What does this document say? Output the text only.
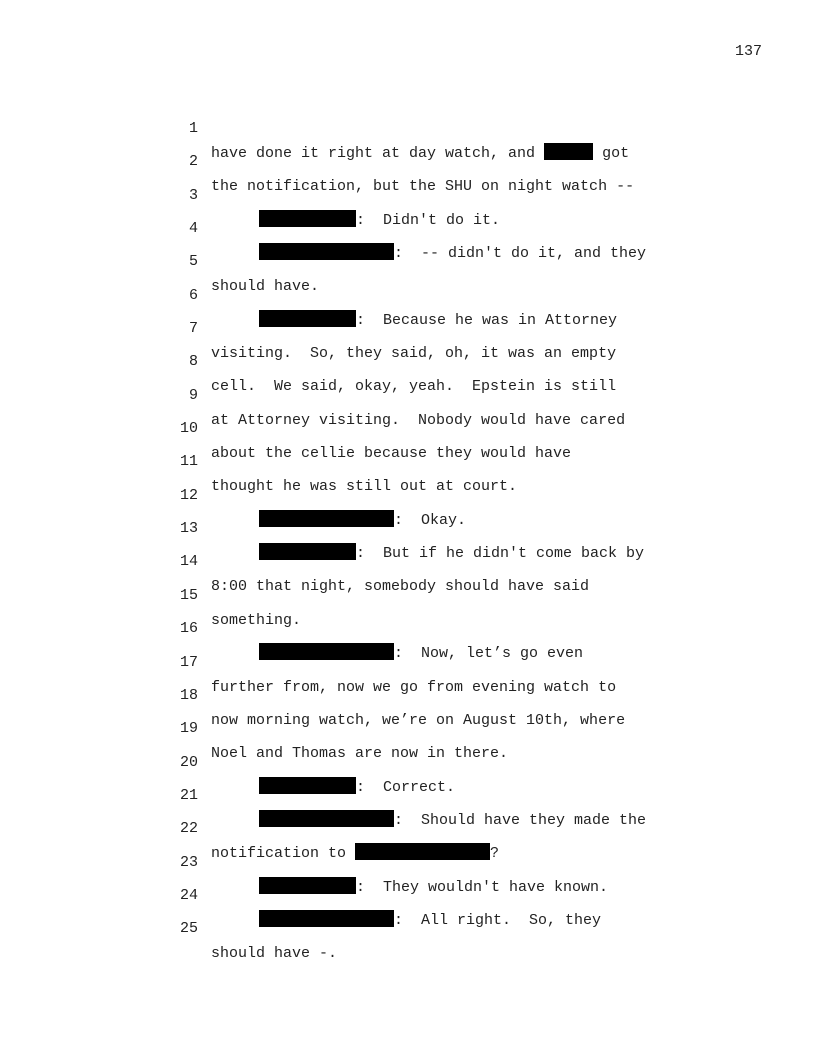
137

1

have done it right at day watch, and	got

2

the notification, but the SHU on night watch --

3

:  Didn't do it.

4

:  -- didn't do it, and they

5

should have.

6

:  Because he was in Attorney

7

visiting.  So, they said, oh, it was an empty

8

cell.  We said, okay, yeah.  Epstein is still

9

at Attorney visiting.  Nobody would have cared

10

about the cellie because they would have

11

thought he was still out at court.

12

:  Okay.

13

:  But if he didn't come back by

14

8:00 that night, somebody should have said

15

something.

16

:  Now, let’s go even

17

further from, now we go from evening watch to

18

now morning watch, we’re on August 10th, where

19

Noel and Thomas are now in there.

20

:  Correct.

21

:  Should have they made the

22

notification to	?

23

:  They wouldn't have known.

24

:  All right.  So, they

25

should have -.
